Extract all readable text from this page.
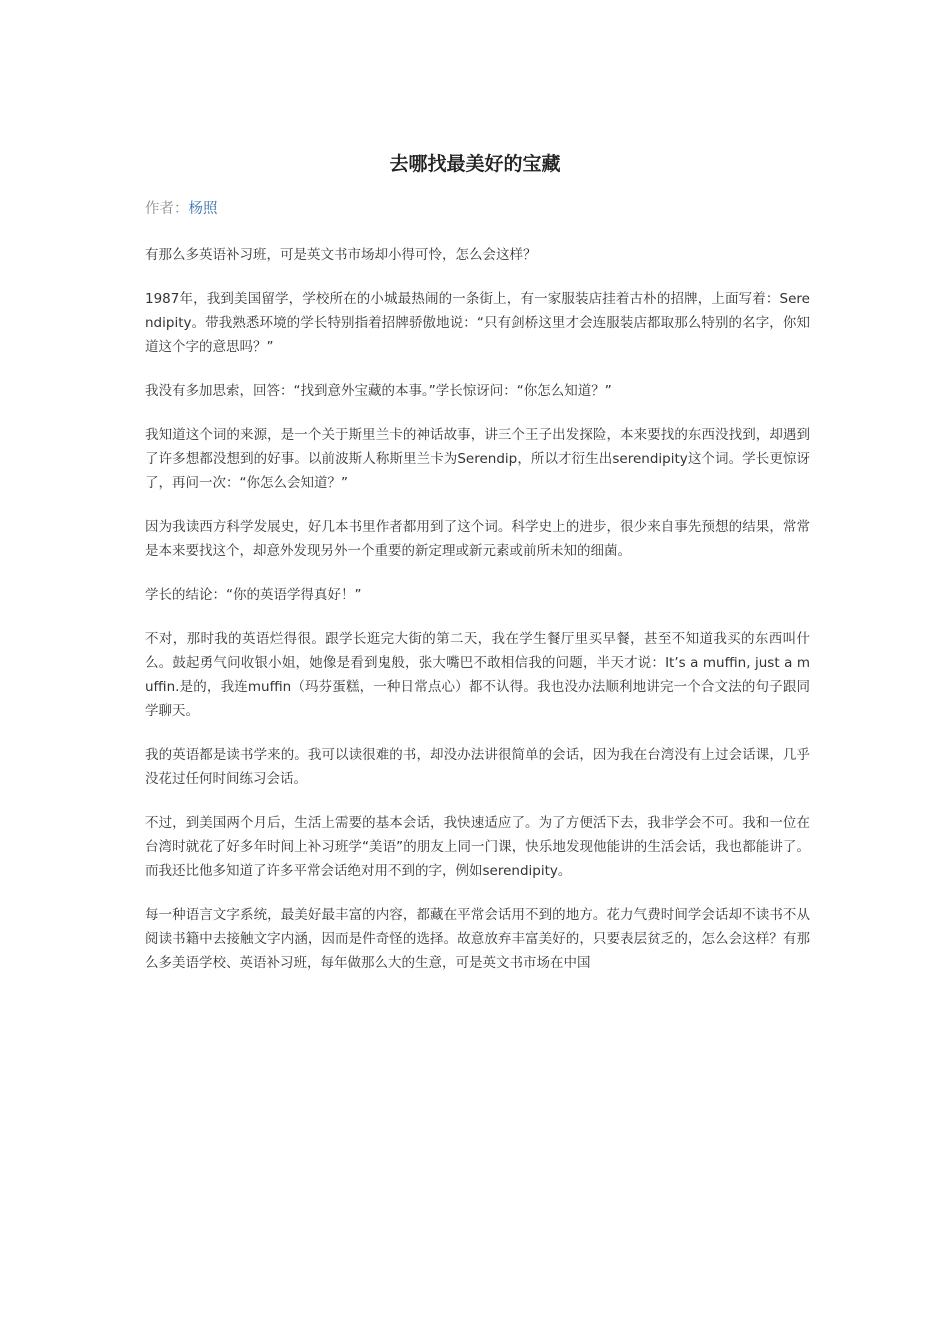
去哪找最美好的宝藏
作者：杨照

有那么多英语补习班，可是英文书市场却小得可怜，怎么会这样？

1987年，我到美国留学，学校所在的小城最热闹的一条街上，有一家服装店挂着古朴的招牌，上面写着：Serendipity。带我熟悉环境的学长特别指着招牌骄傲地说：“只有剑桥这里才会连服装店都取那么特别的名字，你知道这个字的意思吗？”

我没有多加思索，回答：“找到意外宝藏的本事。”学长惊讶问：“你怎么知道？”

我知道这个词的来源，是一个关于斯里兰卡的神话故事，讲三个王子出发探险，本来要找的东西没找到，却遇到了许多想都没想到的好事。以前波斯人称斯里兰卡为Serendip，所以才衍生出serendipity这个词。学长更惊讶了，再问一次：“你怎么会知道？”

因为我读西方科学发展史，好几本书里作者都用到了这个词。科学史上的进步，很少来自事先预想的结果，常常是本来要找这个，却意外发现另外一个重要的新定理或新元素或前所未知的细菌。

学长的结论：“你的英语学得真好！”

不对，那时我的英语烂得很。跟学长逛完大街的第二天，我在学生餐厅里买早餐，甚至不知道我买的东西叫什么。鼓起勇气问收银小姐，她像是看到鬼般，张大嘴巴不敢相信我的问题，半天才说：It’s a muffin, just a muffin.是的，我连muffin（玛芬蛋糕，一种日常点心）都不认得。我也没办法顺利地讲完一个合文法的句子跟同学聊天。

我的英语都是读书学来的。我可以读很难的书，却没办法讲很简单的会话，因为我在台湾没有上过会话课，几乎没花过任何时间练习会话。

不过，到美国两个月后，生活上需要的基本会话，我快速适应了。为了方便活下去，我非学会不可。我和一位在台湾时就花了好多年时间上补习班学“美语”的朋友上同一门课，快乐地发现他能讲的生活会话，我也都能讲了。而我还比他多知道了许多平常会话绝对用不到的字，例如serendipity。

每一种语言文字系统，最美好最丰富的内容，都藏在平常会话用不到的地方。花力气费时间学会话却不读书不从阅读书籍中去接触文字内涵，因而是件奇怪的选择。故意放弃丰富美好的，只要表层贫乏的，怎么会这样？有那么多美语学校、英语补习班，每年做那么大的生意，可是英文书市场在中国
